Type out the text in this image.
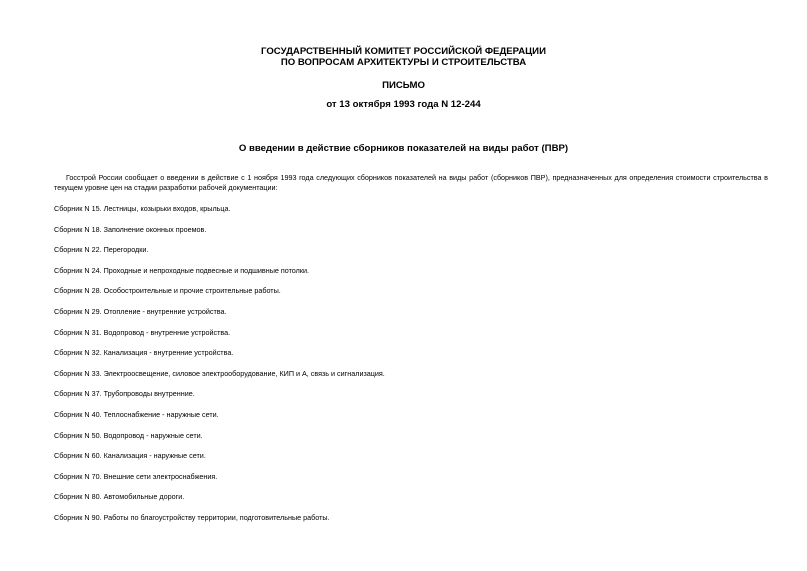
ГОСУДАРСТВЕННЫЙ КОМИТЕТ РОССИЙСКОЙ ФЕДЕРАЦИИ
ПО ВОПРОСАМ АРХИТЕКТУРЫ И СТРОИТЕЛЬСТВА
ПИСЬМО
от 13 октября 1993 года N 12-244
О введении в действие сборников показателей на виды работ (ПВР)

Госстрой России сообщает о введении в действие с 1 ноября 1993 года следующих сборников показателей на виды работ (сборников ПВР), предназначенных для определения стоимости строительства в текущем уровне цен на стадии разработки рабочей документации:

Сборник N 15. Лестницы, козырьки входов, крыльца.
Сборник N 18. Заполнение оконных проемов.
Сборник N 22. Перегородки.
Сборник N 24. Проходные и непроходные подвесные и подшивные потолки.
Сборник N 28. Особостроительные и прочие строительные работы.
Сборник N 29. Отопление - внутренние устройства.
Сборник N 31. Водопровод - внутренние устройства.
Сборник N 32. Канализация - внутренние устройства.
Сборник N 33. Электроосвещение, силовое электрооборудование, КИП и А, связь и сигнализация.
Сборник N 37. Трубопроводы внутренние.
Сборник N 40. Теплоснабжение - наружные сети.
Сборник N 50. Водопровод - наружные сети.
Сборник N 60. Канализация - наружные сети.
Сборник N 70. Внешние сети электроснабжения.
Сборник N 80. Автомобильные дороги.
Сборник N 90. Работы по благоустройству территории, подготовительные работы.
